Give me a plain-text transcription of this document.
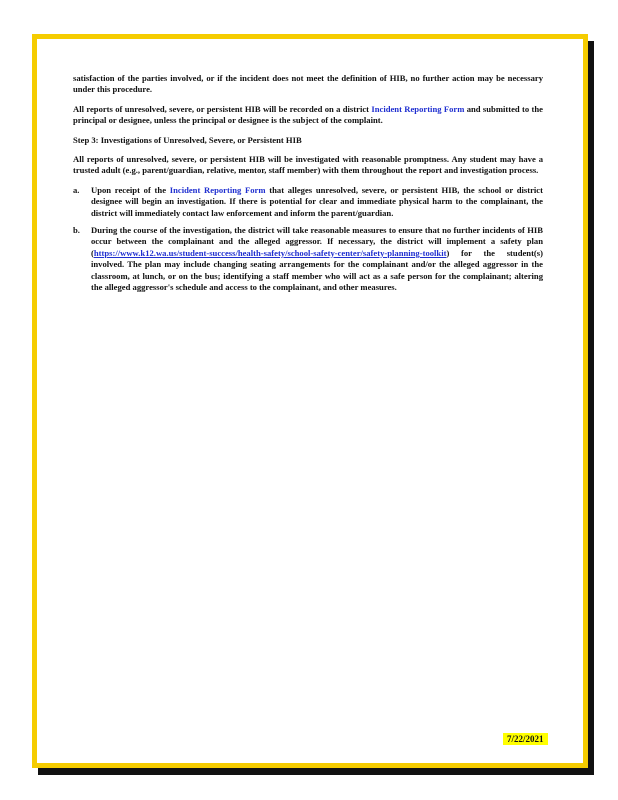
satisfaction of the parties involved, or if the incident does not meet the definition of HIB, no further action may be necessary under this procedure.

All reports of unresolved, severe, or persistent HIB will be recorded on a district Incident Reporting Form and submitted to the principal or designee, unless the principal or designee is the subject of the complaint.

Step 3: Investigations of Unresolved, Severe, or Persistent HIB

All reports of unresolved, severe, or persistent HIB will be investigated with reasonable promptness. Any student may have a trusted adult (e.g., parent/guardian, relative, mentor, staff member) with them throughout the report and investigation process.

a.	Upon receipt of the Incident Reporting Form that alleges unresolved, severe, or persistent HIB, the school or district designee will begin an investigation. If there is potential for clear and immediate physical harm to the complainant, the district will immediately contact law enforcement and inform the parent/guardian.
b.	During the course of the investigation, the district will take reasonable measures to ensure that no further incidents of HIB occur between the complainant and the alleged aggressor. If necessary, the district will implement a safety plan (https://www.k12.wa.us/student-success/health-safety/school-safety-center/safety-planning-toolkit) for the student(s) involved. The plan may include changing seating arrangements for the complainant and/or the alleged aggressor in the classroom, at lunch, or on the bus; identifying a staff member who will act as a safe person for the complainant; altering the alleged aggressor's schedule and access to the complainant, and other measures.
7/22/2021
